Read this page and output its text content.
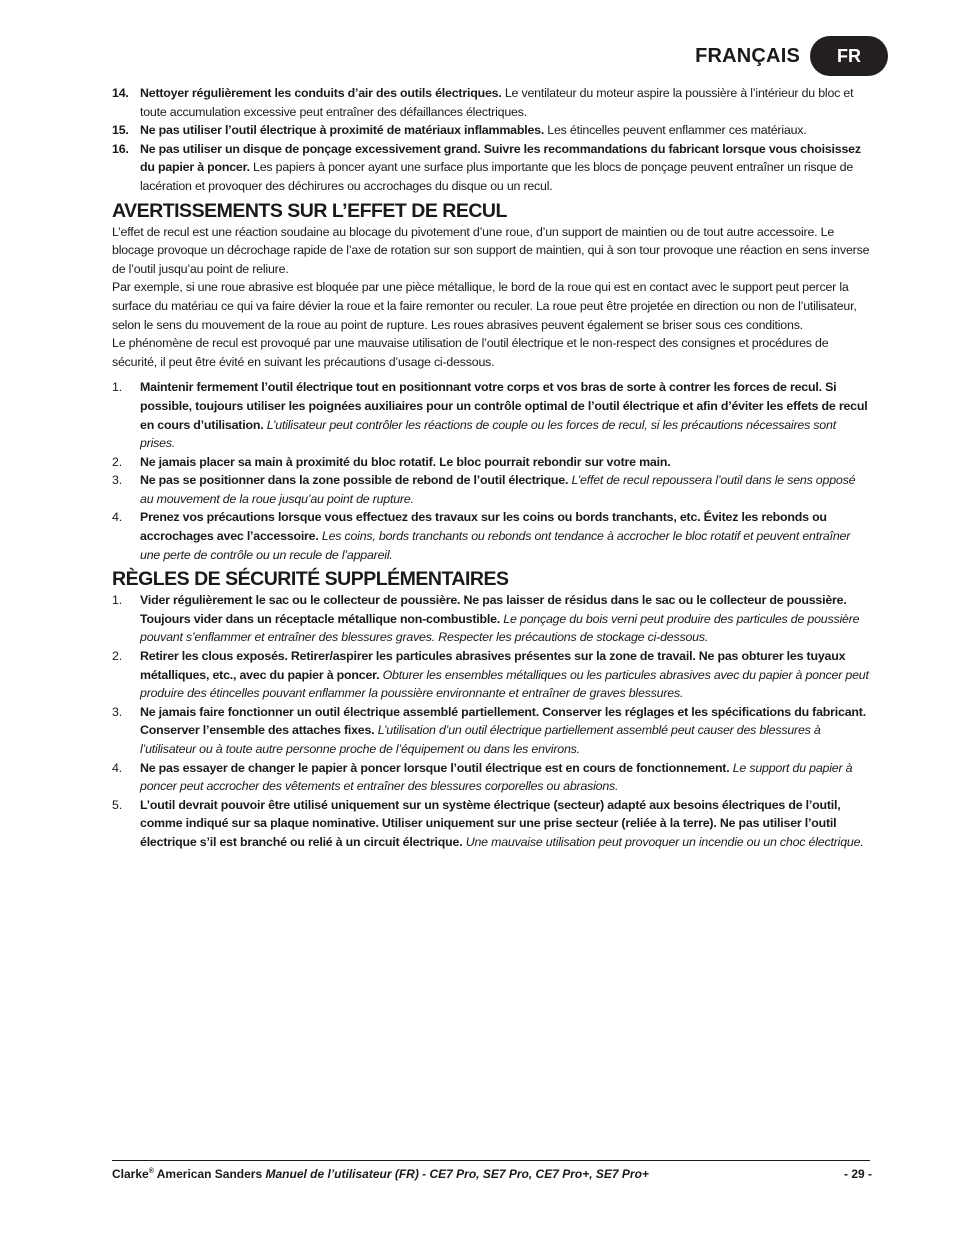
FRANÇAIS	FR
14. Nettoyer régulièrement les conduits d’air des outils électriques. Le ventilateur du moteur aspire la poussière à l’intérieur du bloc et toute accumulation excessive peut entraîner des défaillances électriques.
15. Ne pas utiliser l’outil électrique à proximité de matériaux inflammables. Les étincelles peuvent enflammer ces matériaux.
16. Ne pas utiliser un disque de ponçage excessivement grand. Suivre les recommandations du fabricant lorsque vous choisissez du papier à poncer. Les papiers à poncer ayant une surface plus importante que les blocs de ponçage peuvent entraîner un risque de lacération et provoquer des déchirures ou accrochages du disque ou un recul.
AVERTISSEMENTS SUR L’EFFET DE RECUL

L’effet de recul est une réaction soudaine au blocage du pivotement d’une roue, d’un support de maintien ou de tout autre accessoire. Le blocage provoque un décrochage rapide de l’axe de rotation sur son support de maintien, qui à son tour provoque une réaction en sens inverse de l’outil jusqu’au point de reliure.

Par exemple, si une roue abrasive est bloquée par une pièce métallique, le bord de la roue qui est en contact avec le support peut percer la surface du matériau ce qui va faire dévier la roue et la faire remonter ou reculer. La roue peut être projetée en direction ou non de l’utilisateur, selon le sens du mouvement de la roue au point de rupture. Les roues abrasives peuvent également se briser sous ces conditions.

Le phénomène de recul est provoqué par une mauvaise utilisation de l’outil électrique et le non-respect des consignes et procédures de sécurité, il peut être évité en suivant les précautions d’usage ci-dessous.

1. Maintenir fermement l’outil électrique tout en positionnant votre corps et vos bras de sorte à contrer les forces de recul. Si possible, toujours utiliser les poignées auxiliaires pour un contrôle optimal de l’outil électrique et afin d’éviter les effets de recul en cours d’utilisation. L’utilisateur peut contrôler les réactions de couple ou les forces de recul, si les précautions nécessaires sont prises.
2. Ne jamais placer sa main à proximité du bloc rotatif. Le bloc pourrait rebondir sur votre main.
3. Ne pas se positionner dans la zone possible de rebond de l’outil électrique. L’effet de recul repoussera l’outil dans le sens opposé au mouvement de la roue jusqu’au point de rupture.
4. Prenez vos précautions lorsque vous effectuez des travaux sur les coins ou bords tranchants, etc. Évitez les rebonds ou accrochages avec l’accessoire. Les coins, bords tranchants ou rebonds ont tendance à accrocher le bloc rotatif et peuvent entraîner une perte de contrôle ou un recule de l’appareil.
RÈGLES DE SÉCURITÉ SUPPLÉMENTAIRES
1. Vider régulièrement le sac ou le collecteur de poussière. Ne pas laisser de résidus dans le sac ou le collecteur de poussière. Toujours vider dans un réceptacle métallique non-combustible. Le ponçage du bois verni peut produire des particules de poussière pouvant s’enflammer et entraîner des blessures graves. Respecter les précautions de stockage ci-dessous.
2. Retirer les clous exposés. Retirer/aspirer les particules abrasives présentes sur la zone de travail. Ne pas obturer les tuyaux métalliques, etc., avec du papier à poncer. Obturer les ensembles métalliques ou les particules abrasives avec du papier à poncer peut produire des étincelles pouvant enflammer la poussière environnante et entraîner de graves blessures.
3. Ne jamais faire fonctionner un outil électrique assemblé partiellement. Conserver les réglages et les spécifications du fabricant. Conserver l’ensemble des attaches fixes. L’utilisation d’un outil électrique partiellement assemblé peut causer des blessures à l’utilisateur ou à toute autre personne proche de l’équipement ou dans les environs.
4. Ne pas essayer de changer le papier à poncer lorsque l’outil électrique est en cours de fonctionnement. Le support du papier à poncer peut accrocher des vêtements et entraîner des blessures corporelles ou abrasions.
5. L’outil devrait pouvoir être utilisé uniquement sur un système électrique (secteur) adapté aux besoins électriques de l’outil, comme indiqué sur sa plaque nominative. Utiliser uniquement sur une prise secteur (reliée à la terre). Ne pas utiliser l’outil électrique s’il est branché ou relié à un circuit électrique. Une mauvaise utilisation peut provoquer un incendie ou un choc électrique.
Clarke® American Sanders Manuel de l’utilisateur (FR) - CE7 Pro, SE7 Pro, CE7 Pro+, SE7 Pro+	- 29 -
